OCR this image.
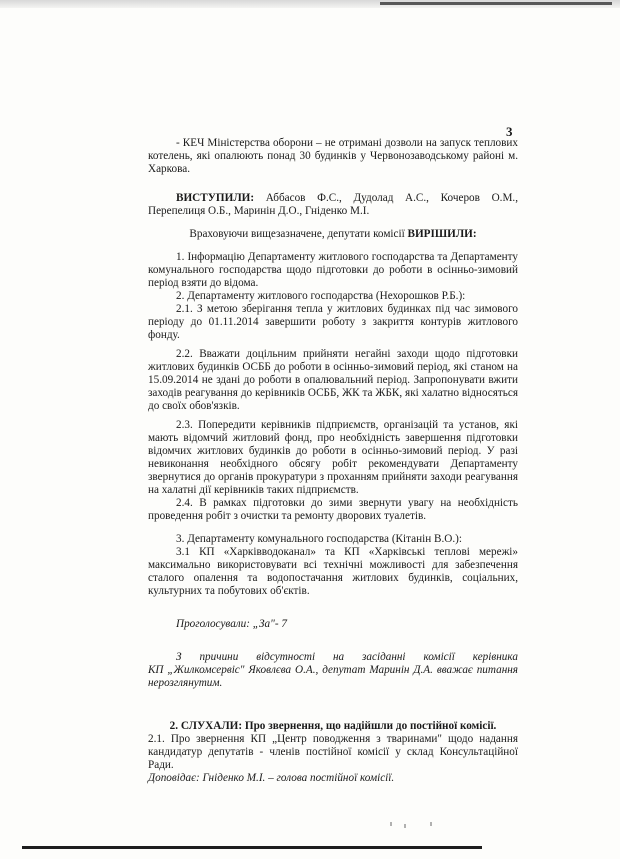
3

- КЕЧ Міністерства оборони – не отримані дозволи на запуск теплових котелень, які опалюють понад 30 будинків у Червонозаводському районі м. Харкова.

ВИСТУПИЛИ: Аббасов Ф.С., Дудолад А.С., Кочеров О.М., Перепелиця О.Б., Маринін Д.О., Гніденко М.І.

Враховуючи вищезазначене, депутати комісії ВИРІШИЛИ:

1. Інформацію Департаменту житлового господарства та Департаменту комунального господарства щодо підготовки до роботи в осінньо-зимовий період взяти до відома.

2. Департаменту житлового господарства (Нехорошков Р.Б.):

2.1. З метою зберігання тепла у житлових будинках під час зимового періоду до 01.11.2014 завершити роботу з закриття контурів житлового фонду.

2.2. Вважати доцільним прийняти негайні заходи щодо підготовки житлових будинків ОСББ до роботи в осінньо-зимовий період, які станом на 15.09.2014 не здані до роботи в опалювальний період. Запропонувати вжити заходів реагування до керівників ОСББ, ЖК та ЖБК, які халатно відносяться до своїх обов'язків.

2.3. Попередити керівників підприємств, організацій та установ, які мають відомчий житловий фонд, про необхідність завершення підготовки відомчих житлових будинків до роботи в осінньо-зимовий період. У разі невиконання необхідного обсягу робіт рекомендувати Департаменту звернутися до органів прокуратури з проханням прийняти заходи реагування на халатні дії керівників таких підприємств.

2.4. В рамках підготовки до зими звернути увагу на необхідність проведення робіт з очистки та ремонту дворових туалетів.

3. Департаменту комунального господарства (Кітанін В.О.):

3.1 КП «Харківводоканал» та КП «Харківські теплові мережі» максимально використовувати всі технічні можливості для забезпечення сталого опалення та водопостачання житлових будинків, соціальних, культурних та побутових об'єктів.

Проголосували: „За"- 7

З причини відсутності на засіданні комісії керівника

КП „Жилкомсервіс" Яковлєва О.А., депутат Маринін Д.А. вважає питання нерозглянутим.

2. СЛУХАЛИ: Про звернення, що надійшли до постійної комісії.

2.1. Про звернення КП „Центр поводження з тваринами" щодо надання кандидатур депутатів - членів постійної комісії у склад Консультаційної Ради.

Доповідає: Гніденко М.І. – голова постійної комісії.
